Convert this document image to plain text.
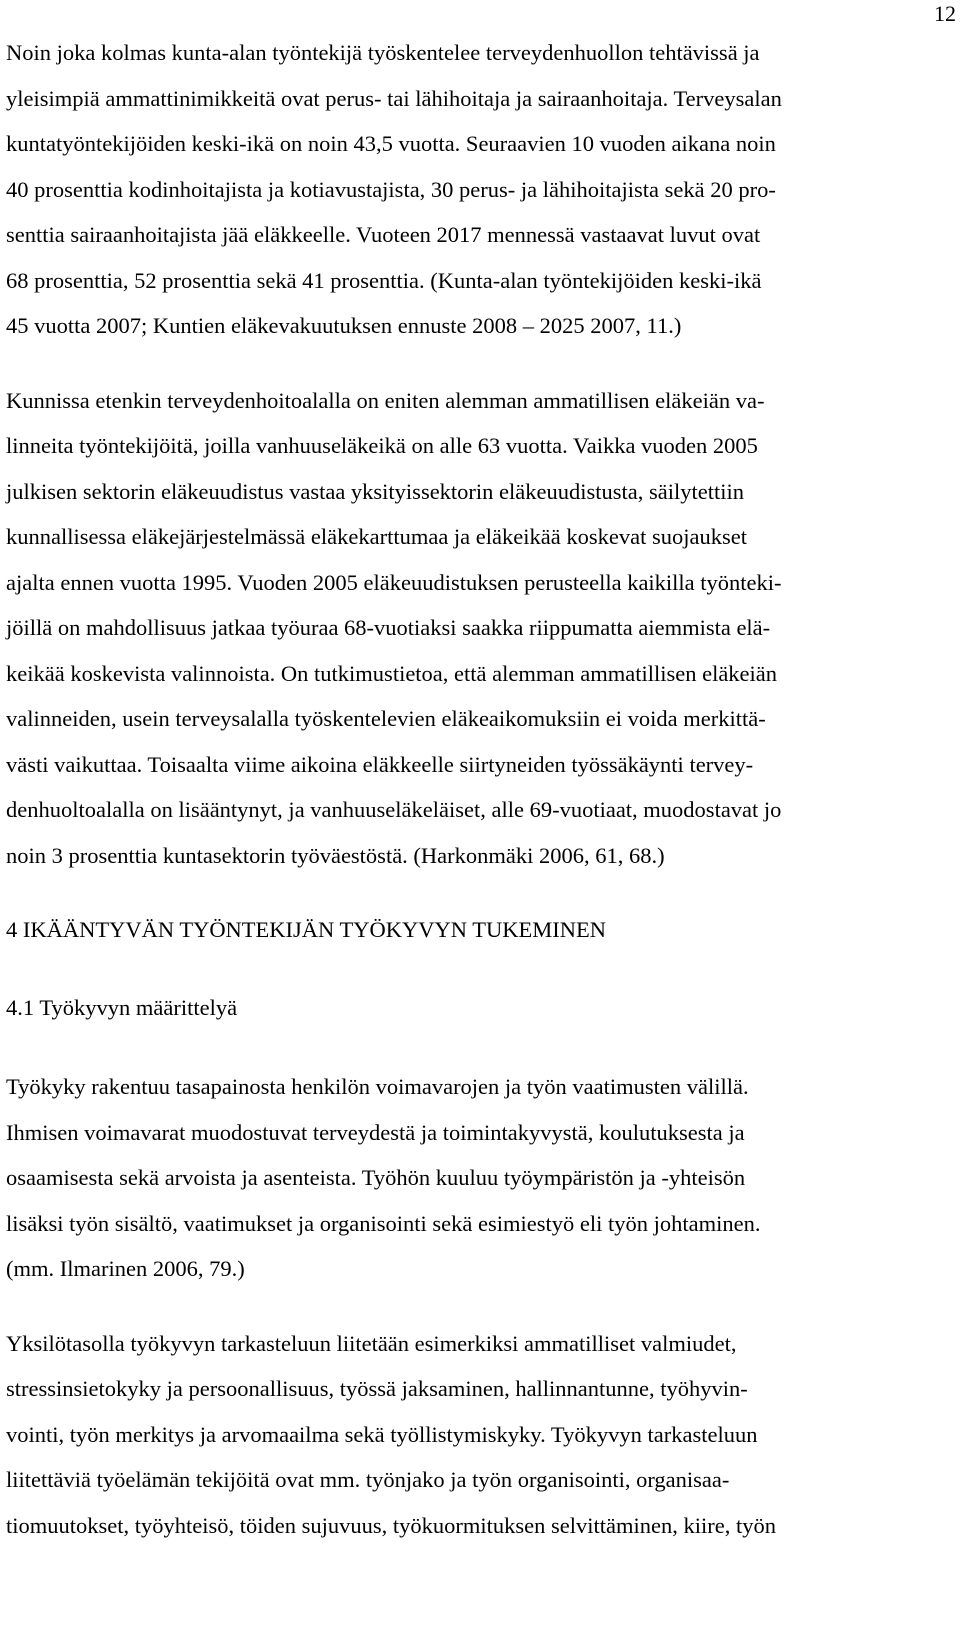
12
Noin joka kolmas kunta-alan työntekijä työskentelee terveydenhuollon tehtävissä ja
yleisimpiä ammattinimikkeitä ovat perus- tai lähihoitaja ja sairaanhoitaja. Terveysalan
kuntatyöntekijöiden keski-ikä on noin 43,5 vuotta. Seuraavien 10 vuoden aikana noin
40 prosenttia kodinhoitajista ja kotiavustajista, 30 perus- ja lähihoitajista sekä 20 pro-
senttia sairaanhoitajista jää eläkkeelle. Vuoteen 2017 mennessä vastaavat luvut ovat
68 prosenttia, 52 prosenttia sekä 41 prosenttia. (Kunta-alan työntekijöiden keski-ikä
45 vuotta 2007; Kuntien eläkevakuutuksen ennuste 2008 – 2025 2007, 11.)
Kunnissa etenkin terveydenhoitoalalla on eniten alemman ammatillisen eläkeiän va-
linneita työntekijöitä, joilla vanhuuseläkeikä on alle 63 vuotta. Vaikka vuoden 2005
julkisen sektorin eläkeuudistus vastaa yksityissektorin eläkeuudistusta, säilytettiin
kunnallisessa eläkejärjestelmässä eläkekarttumaa ja eläkeikää koskevat suojaukset
ajalta ennen vuotta 1995. Vuoden 2005 eläkeuudistuksen perusteella kaikilla työnteki-
jöillä on mahdollisuus jatkaa työuraa 68-vuotiaksi saakka riippumatta aiemmista elä-
keikää koskevista valinnoista. On tutkimustietoa, että alemman ammatillisen eläkeiän
valinneiden, usein terveysalalla työskentelevien eläkeaikomuksiin ei voida merkittä-
västi vaikuttaa. Toisaalta viime aikoina eläkkeelle siirtyneiden työssäkäynti tervey-
denhuoltoalalla on lisääntynyt, ja vanhuuseläkeläiset, alle 69-vuotiaat, muodostavat jo
noin 3 prosenttia kuntasektorin työväestöstä. (Harkonmäki 2006, 61, 68.)
4 IKÄÄNTYVÄN TYÖNTEKIJÄN TYÖKYVYN TUKEMINEN
4.1 Työkyvyn määrittelyä
Työkyky rakentuu tasapainosta henkilön voimavarojen ja työn vaatimusten välillä.
Ihmisen voimavarat muodostuvat terveydestä ja toimintakyvystä, koulutuksesta ja
osaamisesta sekä arvoista ja asenteista. Työhön kuuluu työympäristön ja -yhteisön
lisäksi työn sisältö, vaatimukset ja organisointi sekä esimiestyö eli työn johtaminen.
(mm. Ilmarinen 2006, 79.)
Yksilötasolla työkyvyn tarkasteluun liitetään esimerkiksi ammatilliset valmiudet,
stressinsietokyky ja persoonallisuus, työssä jaksaminen, hallinnantunne, työhyvin-
vointi, työn merkitys ja arvomaailma sekä työllistymiskyky. Työkyvyn tarkasteluun
liitettäviä työelämän tekijöitä ovat mm. työnjako ja työn organisointi, organisaa-
tiomuutokset, työyhteisö, töiden sujuvuus, työkuormituksen selvittäminen, kiire, työn
